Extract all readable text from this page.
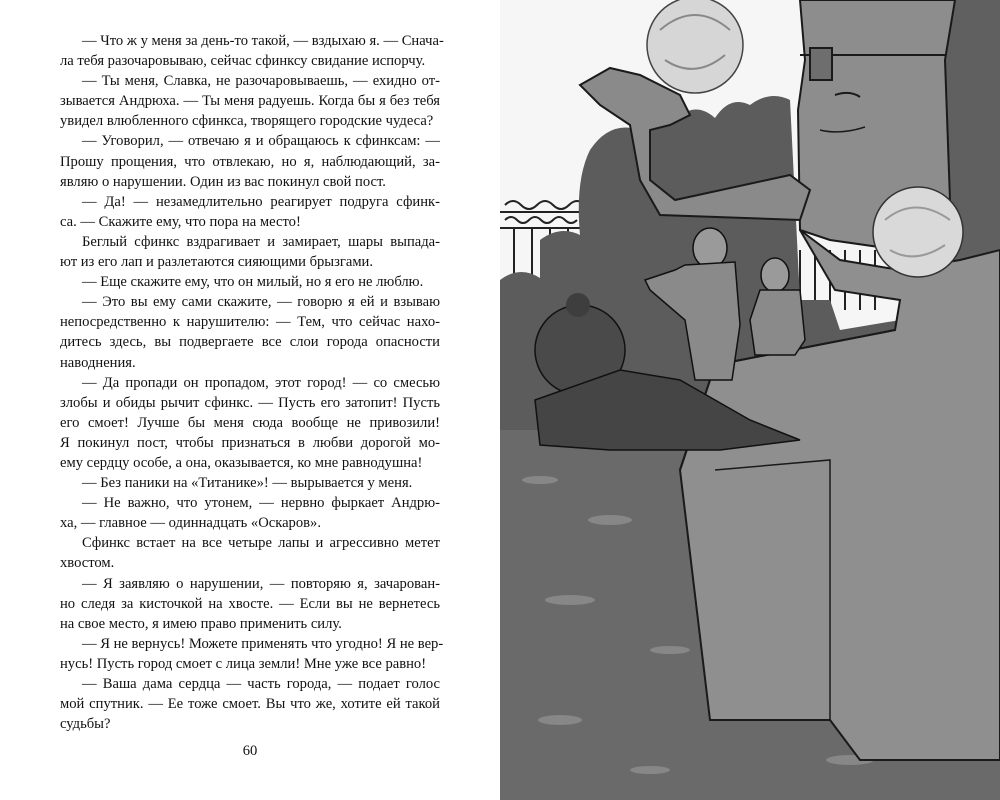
— Что ж у меня за день-то такой, — вздыхаю я. — Снача-
ла тебя разочаровываю, сейчас сфинксу свидание испорчу.
— Ты меня, Славка, не разочаровываешь, — ехидно от-
зывается Андрюха. — Ты меня радуешь. Когда бы я без тебя
увидел влюбленного сфинкса, творящего городские чудеса?
— Уговорил, — отвечаю я и обращаюсь к сфинксам: —
Прошу прощения, что отвлекаю, но я, наблюдающий, за-
являю о нарушении. Один из вас покинул свой пост.
— Да! — незамедлительно реагирует подруга сфинк-
са. — Скажите ему, что пора на место!
Беглый сфинкс вздрагивает и замирает, шары выпада-
ют из его лап и разлетаются сияющими брызгами.
— Еще скажите ему, что он милый, но я его не люблю.
— Это вы ему сами скажите, — говорю я ей и взываю
непосредственно к нарушителю: — Тем, что сейчас нахо-
дитесь здесь, вы подвергаете все слои города опасности
наводнения.
— Да пропади он пропадом, этот город! — со смесью
злобы и обиды рычит сфинкс. — Пусть его затопит! Пусть
его смоет! Лучше бы меня сюда вообще не привозили!
Я покинул пост, чтобы признаться в любви дорогой мо-
ему сердцу особе, а она, оказывается, ко мне равнодушна!
— Без паники на «Титанике»! — вырывается у меня.
— Не важно, что утонем, — нервно фыркает Андрю-
ха, — главное — одиннадцать «Оскаров».
Сфинкс встает на все четыре лапы и агрессивно метет
хвостом.
— Я заявляю о нарушении, — повторяю я, зачарован-
но следя за кисточкой на хвосте. — Если вы не вернетесь
на свое место, я имею право применить силу.
— Я не вернусь! Можете применять что угодно! Я не вер-
нусь! Пусть город смоет с лица земли! Мне уже все равно!
— Ваша дама сердца — часть города, — подает голос
мой спутник. — Ее тоже смоет. Вы что же, хотите ей такой
судьбы?
60
